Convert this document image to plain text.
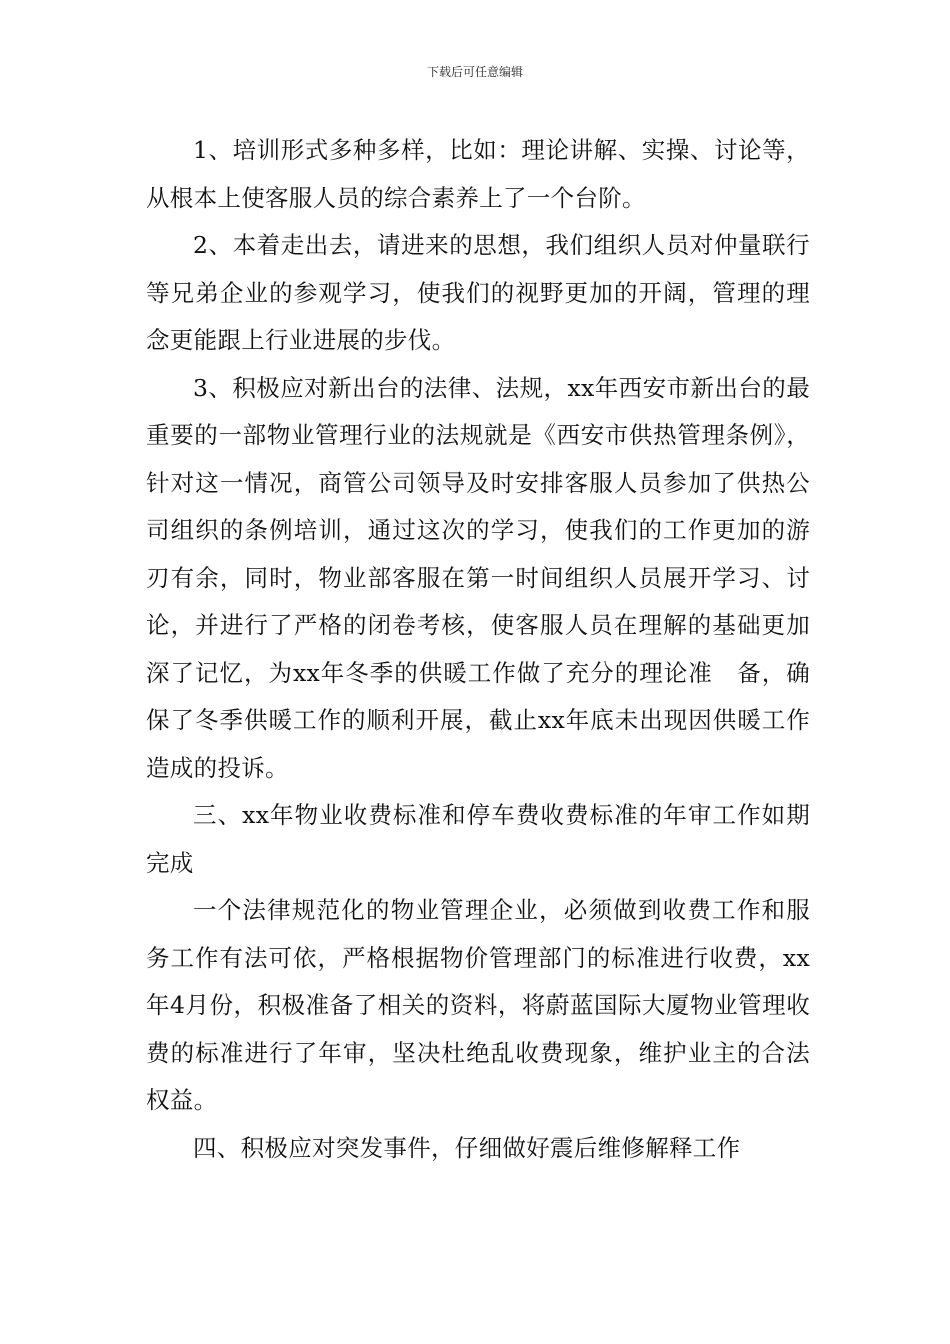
下载后可任意编辑

1、培训形式多种多样，比如：理论讲解、实操、讨论等，从根本上使客服人员的综合素养上了一个台阶。

2、本着走出去，请进来的思想，我们组织人员对仲量联行等兄弟企业的参观学习，使我们的视野更加的开阔，管理的理念更能跟上行业进展的步伐。

3、积极应对新出台的法律、法规，xx年西安市新出台的最重要的一部物业管理行业的法规就是《西安市供热管理条例》，针对这一情况，商管公司领导及时安排客服人员参加了供热公司组织的条例培训，通过这次的学习，使我们的工作更加的游刃有余，同时，物业部客服在第一时间组织人员展开学习、讨论，并进行了严格的闭卷考核，使客服人员在理解的基础更加深了记忆，为xx年冬季的供暖工作做了充分的理论准　备，确保了冬季供暖工作的顺利开展，截止xx年底未出现因供暖工作造成的投诉。

三、xx年物业收费标准和停车费收费标准的年审工作如期完成

一个法律规范化的物业管理企业，必须做到收费工作和服务工作有法可依，严格根据物价管理部门的标准进行收费，xx年4月份，积极准备了相关的资料，将蔚蓝国际大厦物业管理收费的标准进行了年审，坚决杜绝乱收费现象，维护业主的合法权益。

四、积极应对突发事件，仔细做好震后维修解释工作
